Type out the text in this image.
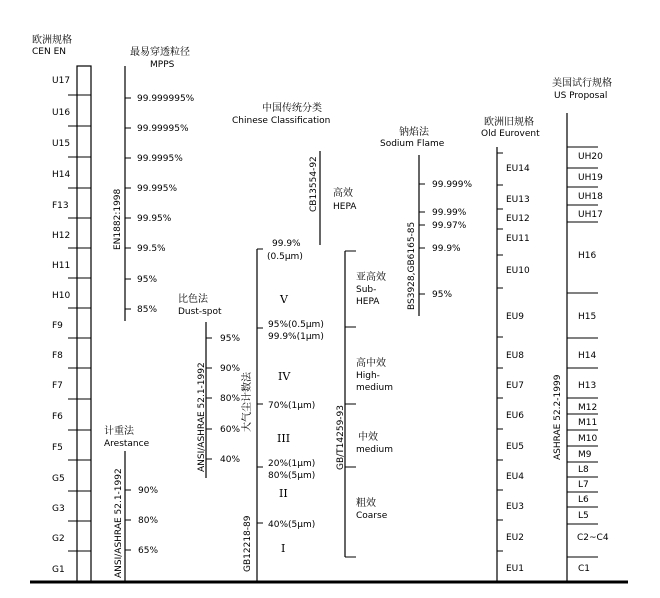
欧洲规格
CEN EN
U17
U16
U15
H14
F13
H12
H11
H10
F9
F8
F7
F6
F5
G5
G3
G2
G1
最易穿透粒径
MPPS
EN1882:1998
99.999995%
99.99995%
99.9995%
99.995%
99.95%
99.5%
95%
85%
比色法
Dust-spot
ANSI/ASHRAE 52.1-1992
95%
90%
80%
60%
40%
计重法
Arestance
ANSI/ASHRAE 52.1-1992 90%
80%
65%
中国传统分类
Chinese Classification
GB12218-89
大气尘计数法
99.9%
(0.5μm)
95%(0.5μm)
99.9%(1μm)
70%(1μm)
20%(1μm)
80%(5μm)
40%(5μm)
V
IV
III
II
I
CB13554-92 高效
HEPA
GB/T14259-93
亚高效
Sub-
HEPA
高中效
High-
medium
中效
medium
粗效
Coarse
钠焰法
Sodium Flame
BS3928,GB6165-85
99.999%
99.99%
99.97%
99.9%
95%
欧洲旧规格
Old Eurovent
EU14
EU13
EU12
EU11
EU10
EU9
EU8
EU7
EU6
EU5
EU4
EU3
EU2
EU1
美国试行规格
US Proposal
ASHRAE 52.2-1999
UH20
UH19
UH18
UH17
H16
H15
H14
H13
M12
M11
M10
M9
L8
L7
L6
L5
C2~C4
C1
